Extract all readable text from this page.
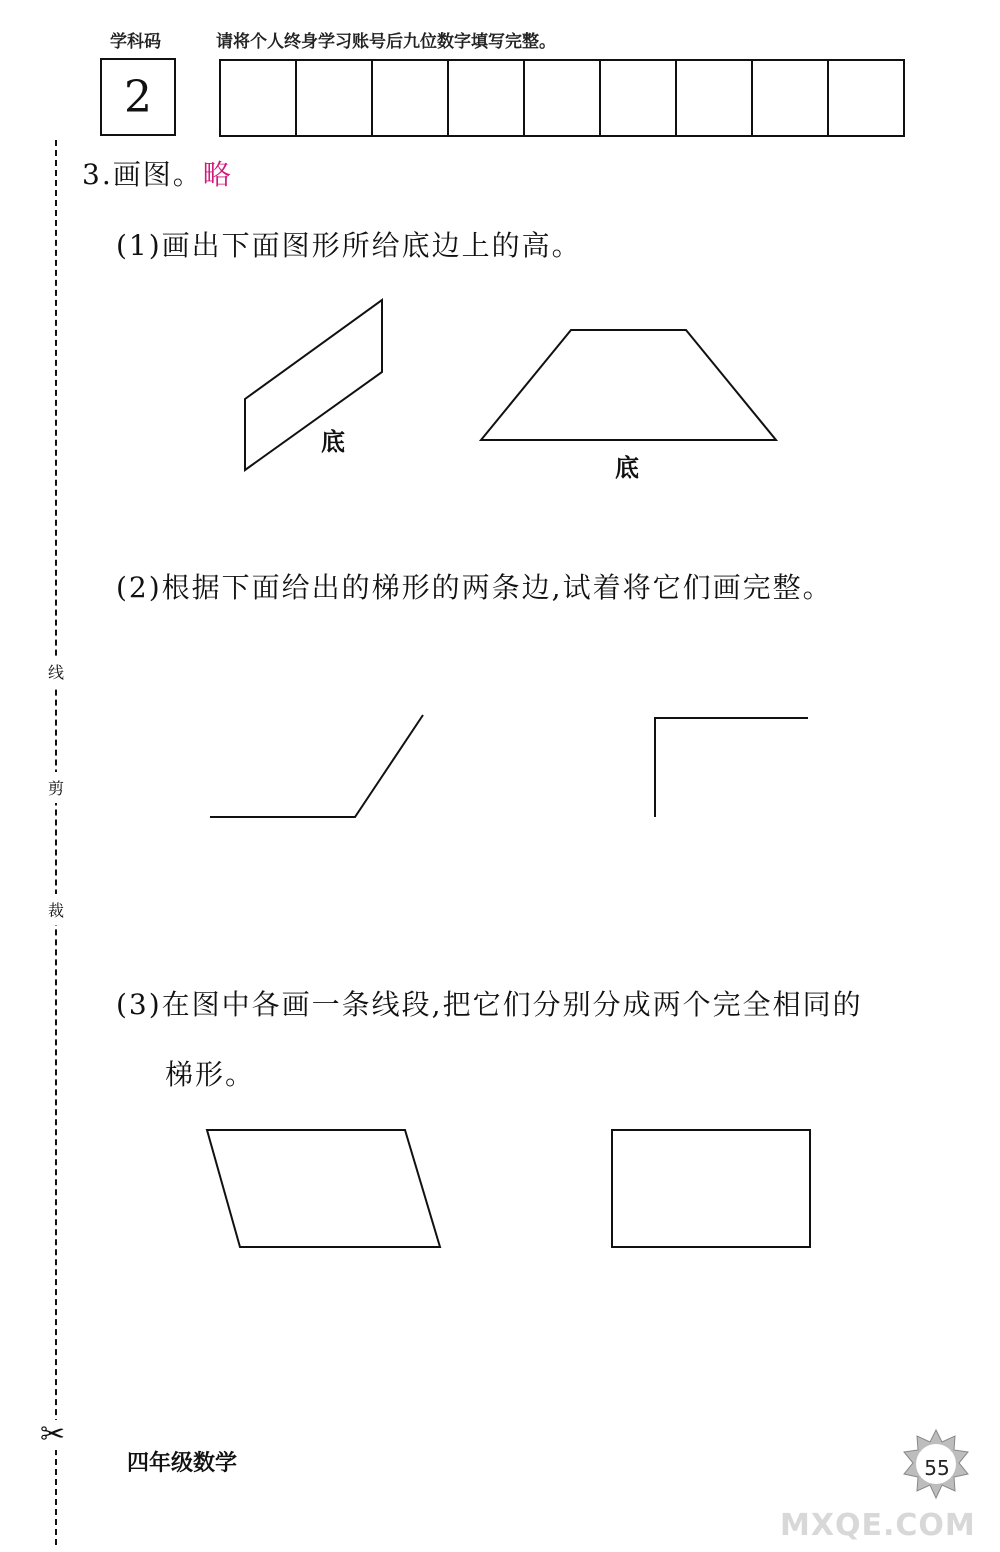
学科码	请将个人终身学习账号后九位数字填写完整。
2
线
剪
裁
✂
3.画图。略
(1)画出下面图形所给底边上的高。
底
底
(2)根据下面给出的梯形的两条边,试着将它们画完整。
(3)在图中各画一条线段,把它们分别分成两个完全相同的
梯形。
四年级数学	55
MXQE.COM
